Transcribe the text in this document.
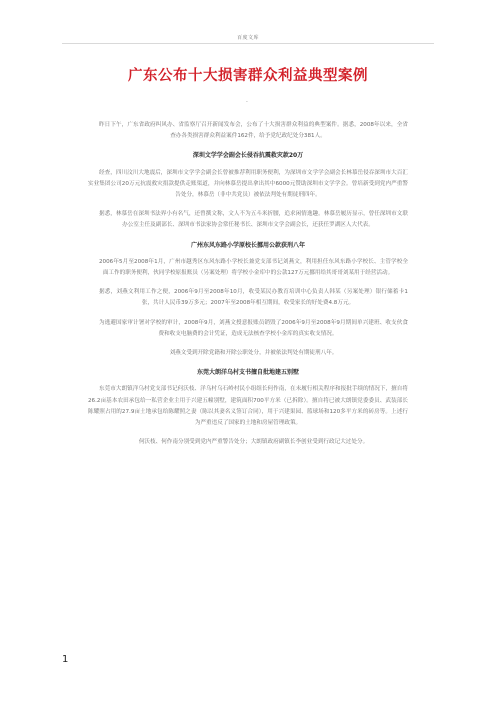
百度文库
广东公布十大损害群众利益典型案例
·

昨日下午，广东省政府纠风办、省监察厅召开新闻发布会，公布了十大损害群众利益的典型案件。据悉，2008年以来，全省查办各类损害群众利益案件162件，给予党纪政纪处分381人。

深圳文学学会副会长侵吞抗震救灾款20万

经查，四川汶川大地震后，深圳市文学学会副会长曾被推荐利用职务便利，为深圳市文学学会副会长林慕岳侵吞深圳市大百汇实业集团公司20万元抗震救灾捐款提供走账渠道，并向林慕岳提出拿出其中6000元赞助深圳市文学学会。曾培新受到党内严重警告处分，林慕岳（非中共党员）被依法判处有期徒刑四年。

据悉，林慕岳在深圳书法界小有名气，还曾撰文称，文人不为五斗米折腰，追求闲情逸趣。林慕岳履历显示，曾任深圳市文联办公室主任及副部长、深圳市书法家协会常任秘书长、深圳市文学会副会长，还获任罗湖区人大代表。

广州东风东路小学原校长挪用公款获刑八年

2006年5月至2008年1月，广州市越秀区东风东路小学校长兼党支部书记刘燕文，利用担任东风东路小学校长、主管学校全面工作的职务便利，伙同学校原报账员（另案处理）将学校小金库中的公款127万元挪用给其哥哥刘某用于经营活动。

据悉，刘燕文利用工作之便，2006年9月至2008年10月，收受某民办教育培训中心负责人韩某（另案处理）银行储蓄卡1张，共计人民币39万多元；2007年至2008年相互期间，收受家长的好处费4.8万元。

为逃避国家审计署对学校的审计，2008年9月，刘燕文授意报账员销毁了2006年9月至2008年9月期间单兴建班、收支伙食费和收支电脑费的会计凭证，造成无法核查学校小金库的真实收支情况。

刘燕文受到开除党籍和开除公职处分，并被依法判处有期徒刑八年。

东莞大朗洋乌村支书擅自批地建五别墅

东莞市大朗镇洋乌村党支部书记何沃枝、洋乌村乌石岭村民小组组长何作南，在未履行相关程序和报批手续的情况下，擅自将26.2亩基本农田承包给一私营企业主用于兴建五幢别墅，建筑面积700平方米（已拆除）。擅自将已被大朗镇党委委员、武装部长陈耀照占用的27.9亩土地承包给陈耀照之妻（陈以其妻名义签订合同），用于兴建果园、篮球场和120多平方米的砖房等。上述行为严重违反了国家的土地和房屋管理政策。

何沃枝、何作南分别受到党内严重警告处分；大朗镇政府副镇长李创业受到行政记大过处分。

1
